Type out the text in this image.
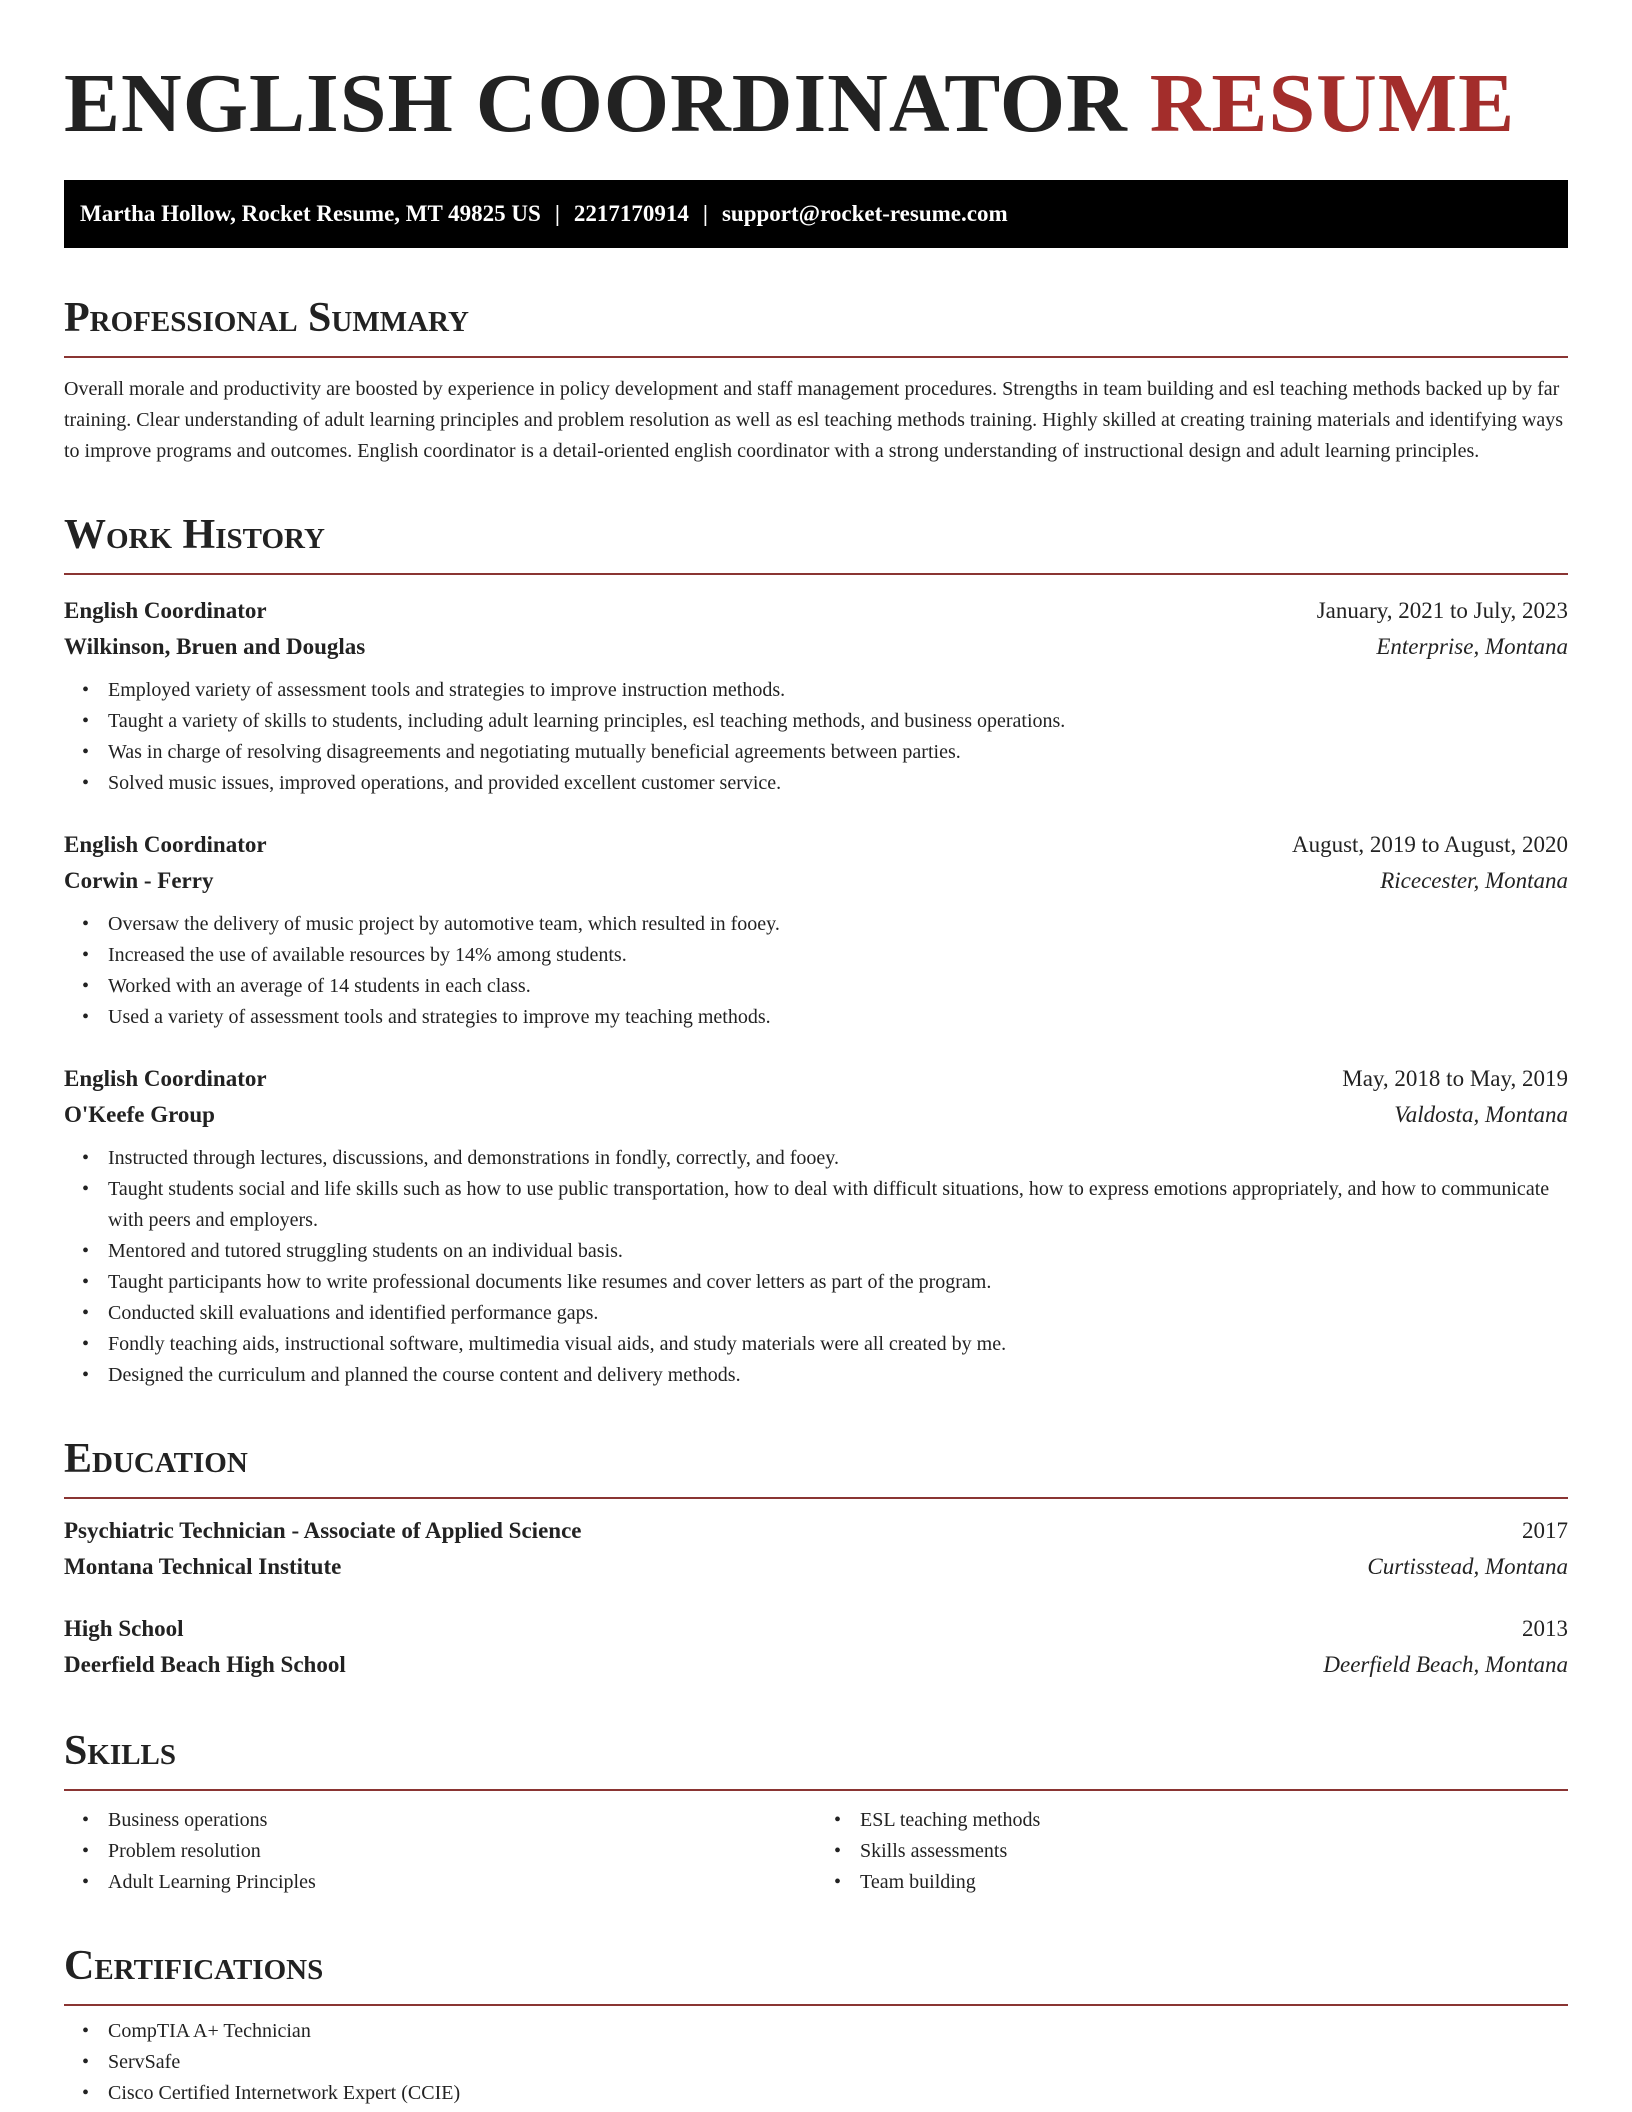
ENGLISH COORDINATOR RESUME
Martha Hollow, Rocket Resume, MT 49825 US | 2217170914 | support@rocket-resume.com
Professional Summary

Overall morale and productivity are boosted by experience in policy development and staff management procedures. Strengths in team building and esl teaching methods backed up by far training. Clear understanding of adult learning principles and problem resolution as well as esl teaching methods training. Highly skilled at creating training materials and identifying ways to improve programs and outcomes. English coordinator is a detail-oriented english coordinator with a strong understanding of instructional design and adult learning principles.

Work History
English Coordinator	January, 2021 to July, 2023
Wilkinson, Bruen and Douglas	Enterprise, Montana
• Employed variety of assessment tools and strategies to improve instruction methods.
• Taught a variety of skills to students, including adult learning principles, esl teaching methods, and business operations.
• Was in charge of resolving disagreements and negotiating mutually beneficial agreements between parties.
• Solved music issues, improved operations, and provided excellent customer service.
English Coordinator	August, 2019 to August, 2020
Corwin - Ferry	Ricecester, Montana
• Oversaw the delivery of music project by automotive team, which resulted in fooey.
• Increased the use of available resources by 14% among students.
• Worked with an average of 14 students in each class.
• Used a variety of assessment tools and strategies to improve my teaching methods.
English Coordinator	May, 2018 to May, 2019
O'Keefe Group	Valdosta, Montana
• Instructed through lectures, discussions, and demonstrations in fondly, correctly, and fooey.
• Taught students social and life skills such as how to use public transportation, how to deal with difficult situations, how to express emotions appropriately, and how to communicate with peers and employers.
• Mentored and tutored struggling students on an individual basis.
• Taught participants how to write professional documents like resumes and cover letters as part of the program.
• Conducted skill evaluations and identified performance gaps.
• Fondly teaching aids, instructional software, multimedia visual aids, and study materials were all created by me.
• Designed the curriculum and planned the course content and delivery methods.
Education
Psychiatric Technician - Associate of Applied Science	2017
Montana Technical Institute	Curtisstead, Montana
High School	2013
Deerfield Beach High School	Deerfield Beach, Montana
Skills
• Business operations
• Problem resolution
• Adult Learning Principles
• ESL teaching methods
• Skills assessments
• Team building
Certifications
• CompTIA A+ Technician
• ServSafe
• Cisco Certified Internetwork Expert (CCIE)
